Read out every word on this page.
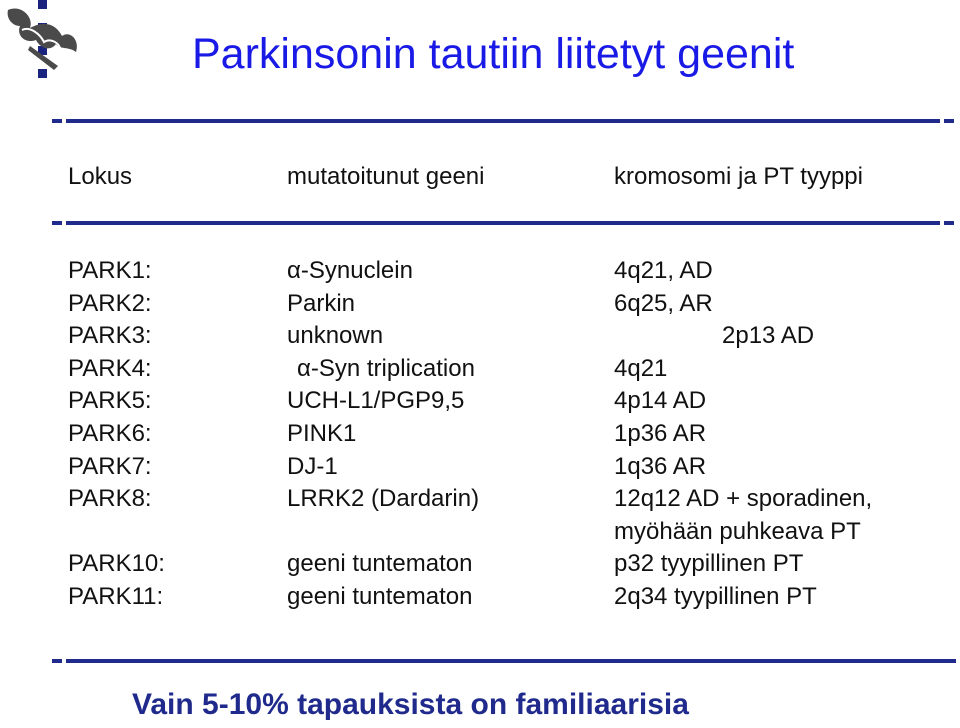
Parkinsonin tautiin liitetyt geenit
Lokus	mutatoitunut geeni	kromosomi ja PT tyyppi
PARK1:	α-Synuclein	4q21, AD
PARK2:	Parkin	6q25, AR
PARK3:	unknown	2p13 AD
PARK4:	α-Syn triplication	4q21
PARK5:	UCH-L1/PGP9,5	4p14 AD
PARK6:	PINK1	1p36 AR
PARK7:	DJ-1	1q36 AR
PARK8:	LRRK2 (Dardarin)	12q12 AD + sporadinen,
myöhään puhkeava PT
PARK10:	geeni tuntematon	p32 tyypillinen PT
PARK11:	geeni tuntematon	2q34 tyypillinen PT
Vain 5-10% tapauksista on familiaarisia
